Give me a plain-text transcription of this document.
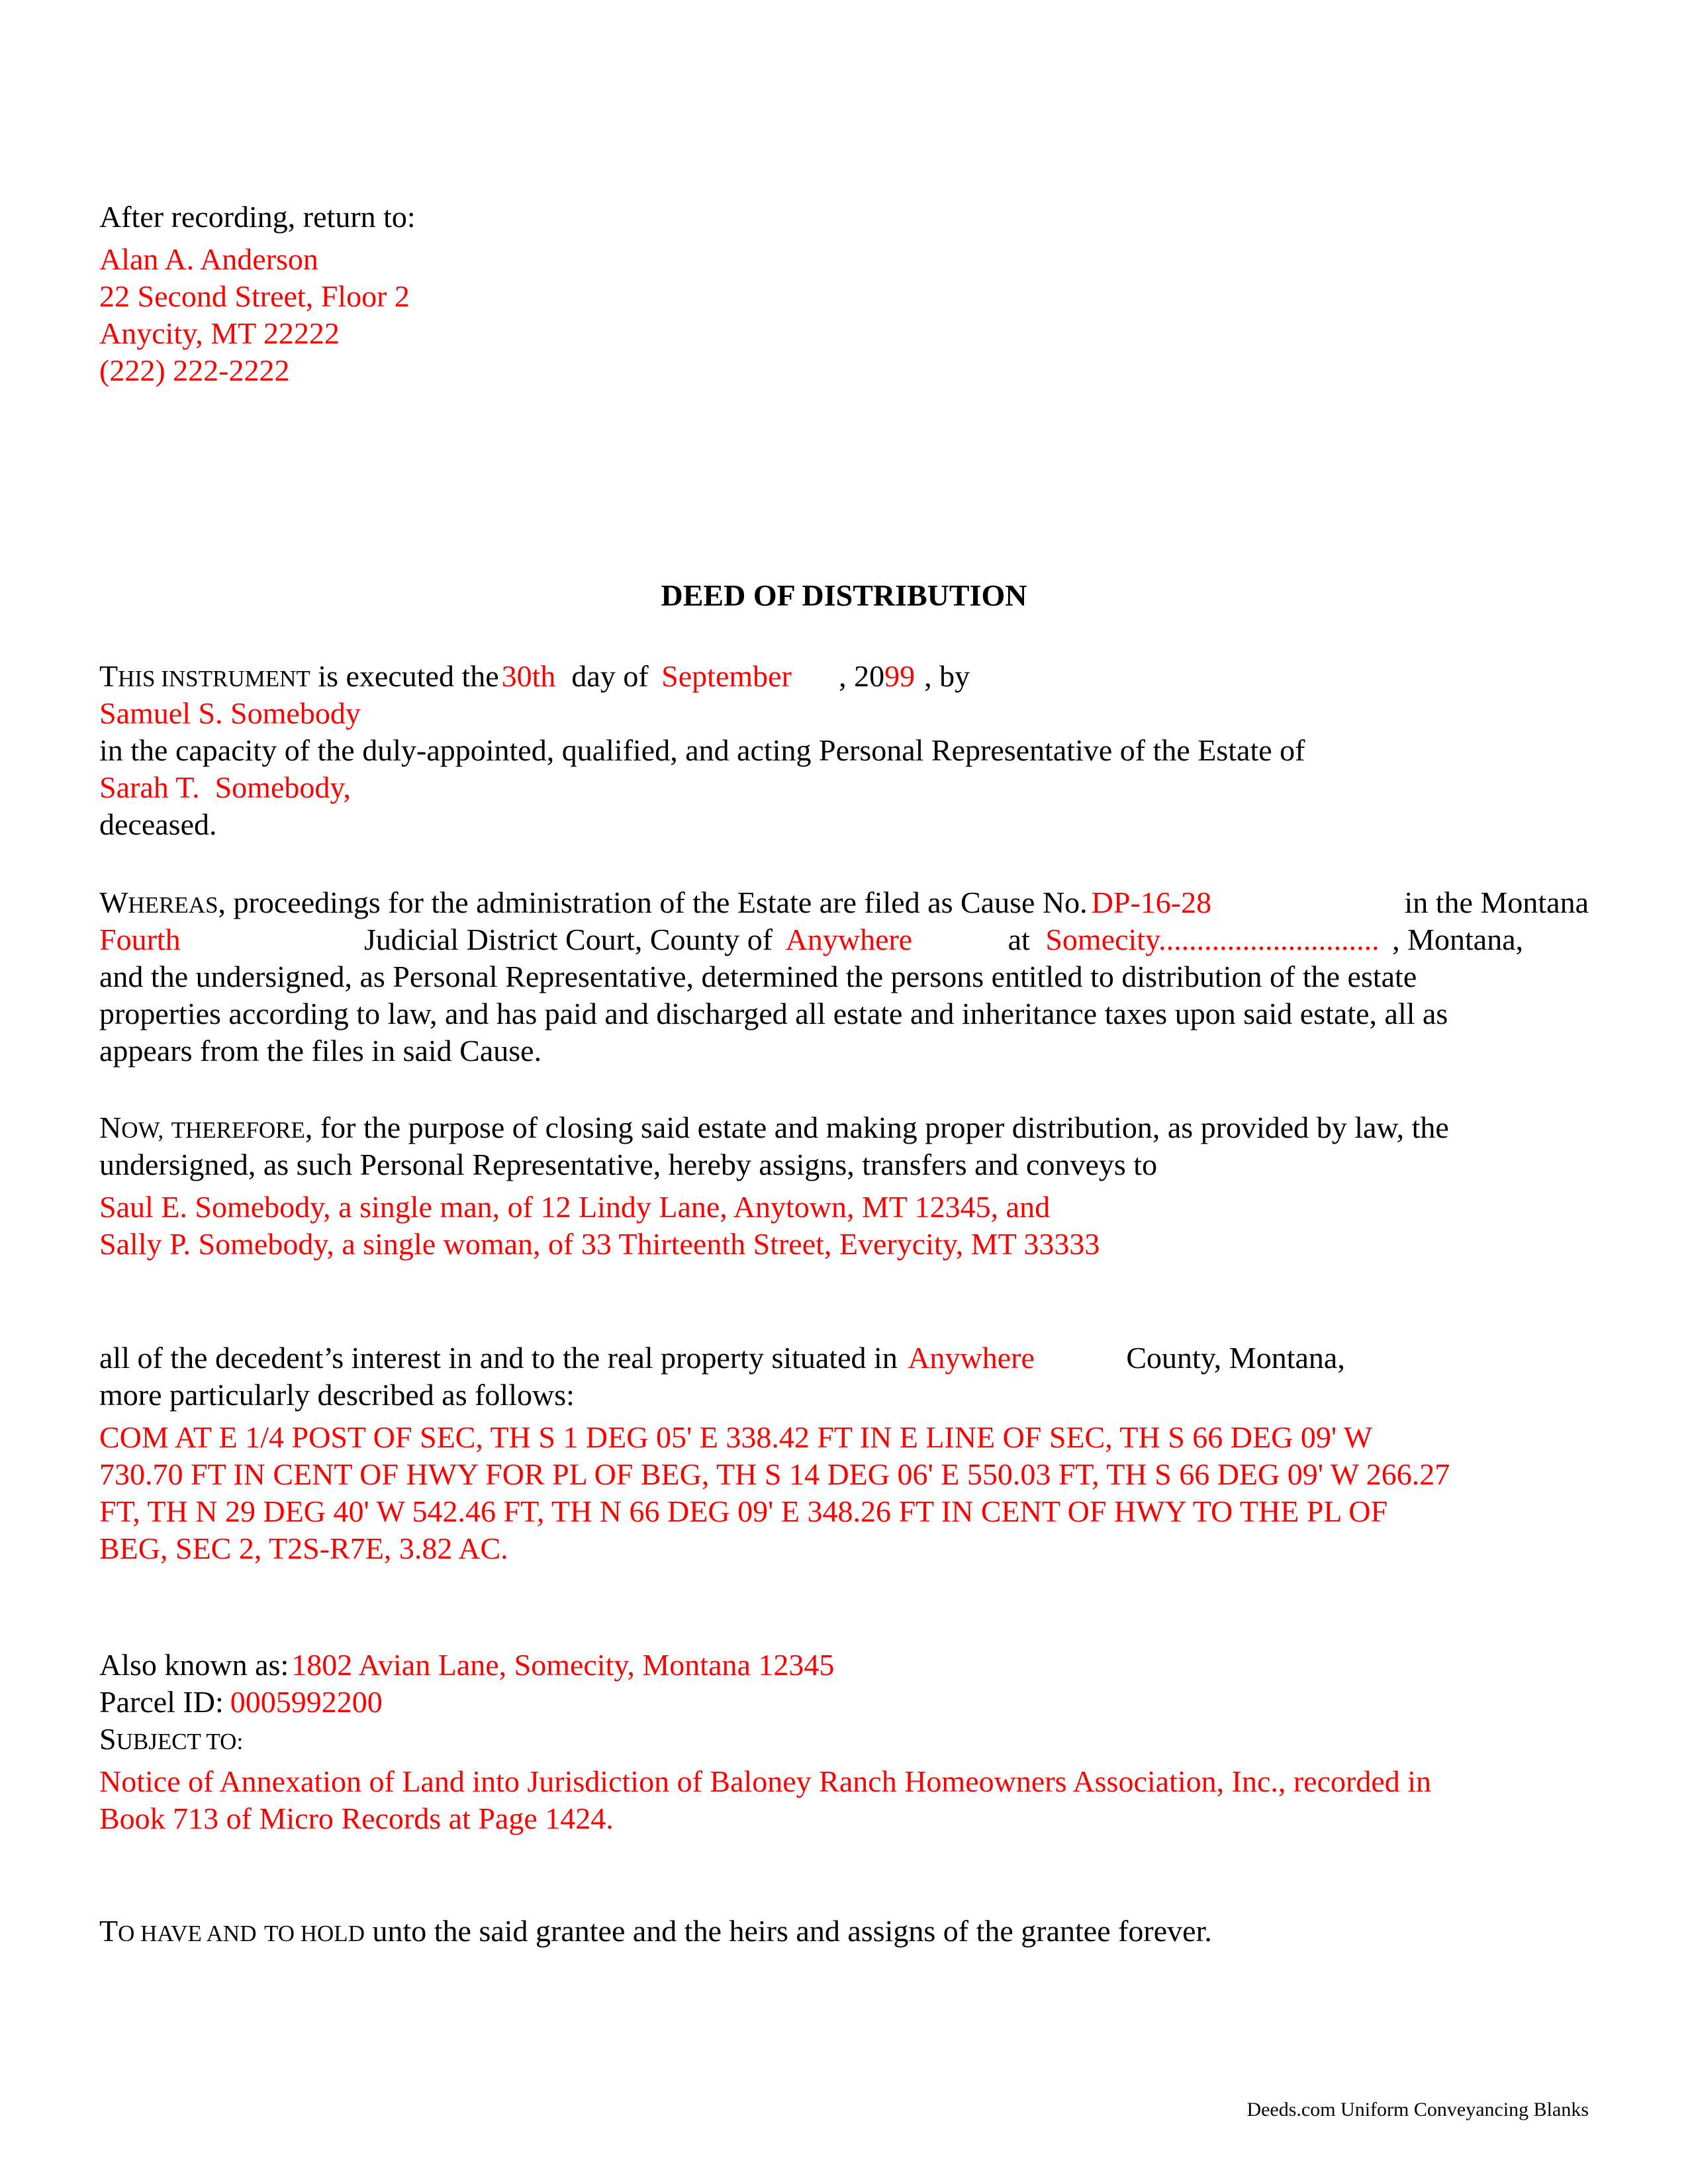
After recording, return to:
Alan A. Anderson
22 Second Street, Floor 2
Anycity, MT 22222
(222) 222-2222
DEED OF DISTRIBUTION
THIS INSTRUMENT is executed the30th day of September , 2099 , by
Samuel S. Somebody
in the capacity of the duly-appointed, qualified, and acting Personal Representative of the Estate of
Sarah T.  Somebody,
deceased.
WHEREAS, proceedings for the administration of the Estate are filed as Cause No. DP-16-28	in the Montana
Fourth	Judicial District Court, County of Anywhere	at Somecity............................. , Montana,
and the undersigned, as Personal Representative, determined the persons entitled to distribution of the estate
properties according to law, and has paid and discharged all estate and inheritance taxes upon said estate, all as
appears from the files in said Cause.
NOW, THEREFORE, for the purpose of closing said estate and making proper distribution, as provided by law, the
undersigned, as such Personal Representative, hereby assigns, transfers and conveys to
Saul E. Somebody, a single man, of 12 Lindy Lane, Anytown, MT 12345, and
Sally P. Somebody, a single woman, of 33 Thirteenth Street, Everycity, MT 33333
all of the decedent’s interest in and to the real property situated in Anywhere	County, Montana,
more particularly described as follows:
COM AT E 1/4 POST OF SEC, TH S 1 DEG 05' E 338.42 FT IN E LINE OF SEC, TH S 66 DEG 09' W
730.70 FT IN CENT OF HWY FOR PL OF BEG, TH S 14 DEG 06' E 550.03 FT, TH S 66 DEG 09' W 266.27
FT, TH N 29 DEG 40' W 542.46 FT, TH N 66 DEG 09' E 348.26 FT IN CENT OF HWY TO THE PL OF
BEG, SEC 2, T2S-R7E, 3.82 AC.
Also known as:1802 Avian Lane, Somecity, Montana 12345
Parcel ID: 0005992200
SUBJECT TO:
Notice of Annexation of Land into Jurisdiction of Baloney Ranch Homeowners Association, Inc., recorded in
Book 713 of Micro Records at Page 1424.
TO HAVE AND TO HOLD unto the said grantee and the heirs and assigns of the grantee forever.
Deeds.com Uniform Conveyancing Blanks
